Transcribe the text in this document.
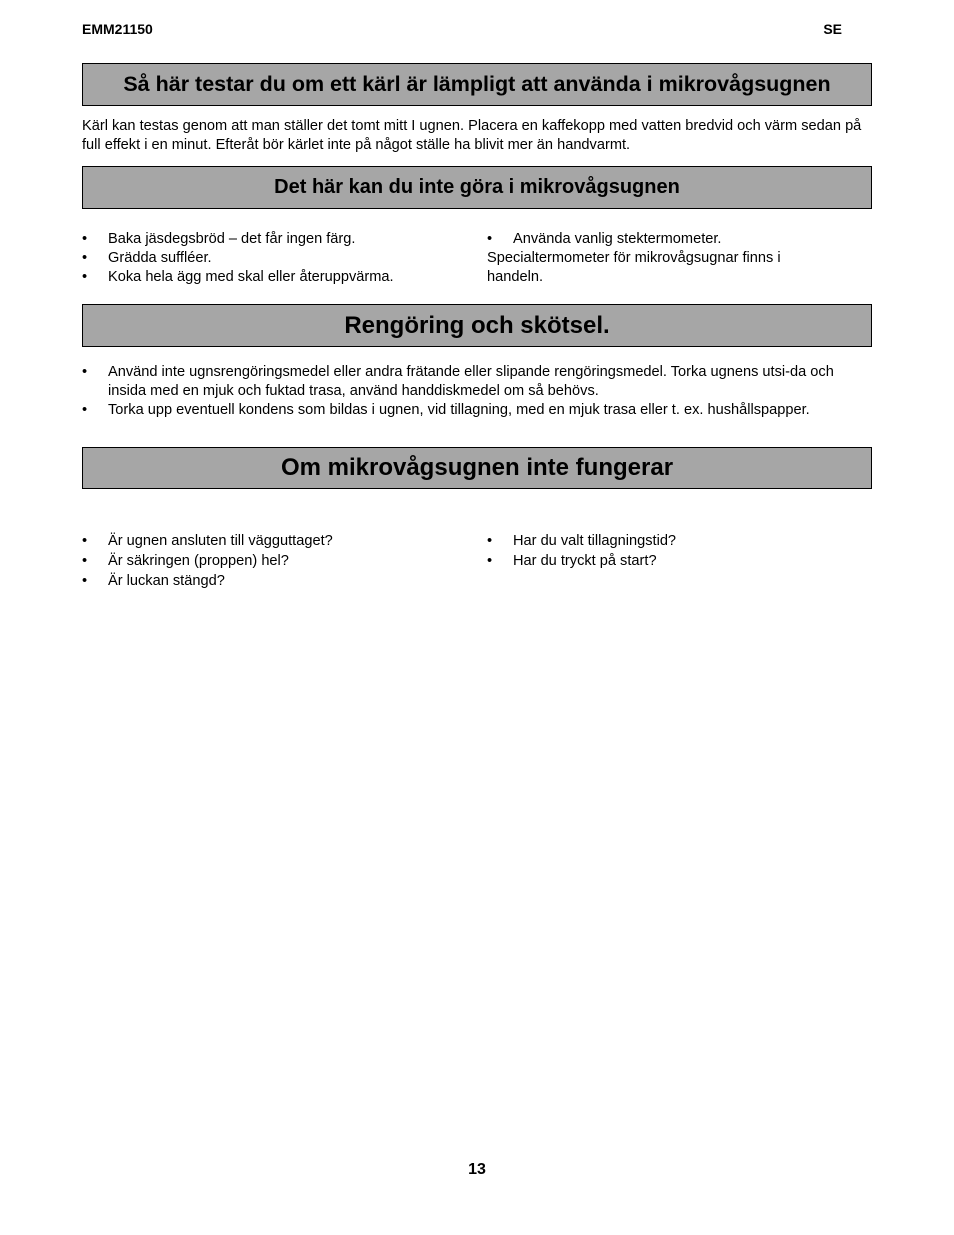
EMM21150	SE
Så här testar du om ett kärl är lämpligt att använda i mikrovågsugnen

Kärl kan testas genom att man ställer det tomt mitt I ugnen. Placera en kaffekopp med vatten bredvid och värm sedan på full effekt i en minut. Efteråt bör kärlet inte på något ställe ha blivit mer än handvarmt.

Det här kan du inte göra i mikrovågsugnen
• Baka jäsdegsbröd – det får ingen färg.
• Grädda suffléer.
• Koka hela ägg med skal eller återuppvärma.
• Använda vanlig stektermometer.
Specialtermometer för mikrovågsugnar finns i handeln.
Rengöring och skötsel.
• Använd inte ugnsrengöringsmedel eller andra frätande eller slipande rengöringsmedel. Torka ugnens utsi-da och insida med en mjuk och fuktad trasa, använd handdiskmedel om så behövs.
• Torka upp eventuell kondens som bildas i ugnen, vid tillagning, med en mjuk trasa eller t. ex. hushållspapper.
Om mikrovågsugnen inte fungerar
• Är ugnen ansluten till vägguttaget?
• Är säkringen (proppen) hel?
• Är luckan stängd?
• Har du valt tillagningstid?
• Har du tryckt på start?
13
